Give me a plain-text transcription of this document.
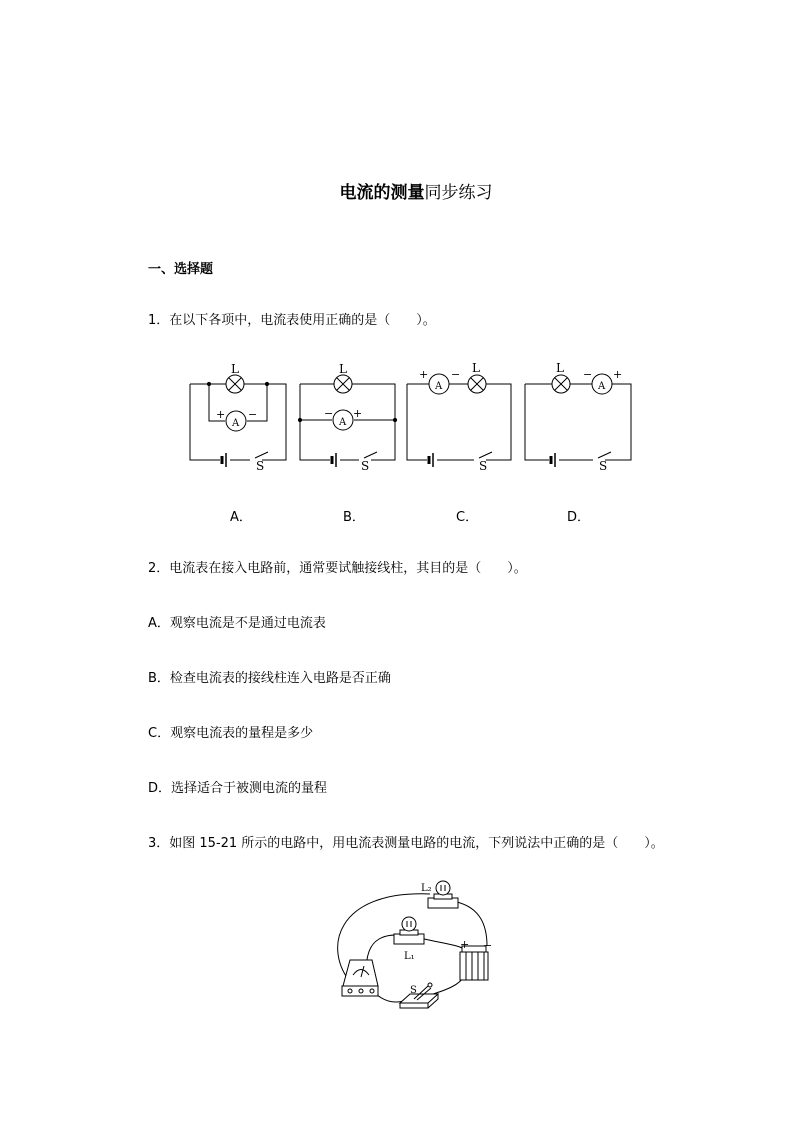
电流的测量同步练习
一、选择题
1．在以下各项中，电流表使用正确的是（　　）。
L
A
+ −
S
L
A
− +
S
A
+ − L
S
L
A
− +
S
A．	B．	C．	D．
2．电流表在接入电路前，通常要试触接线柱，其目的是（　　）。
A．观察电流是不是通过电流表
B．检查电流表的接线柱连入电路是否正确
C．观察电流表的量程是多少
D．选择适合于被测电流的量程
3．如图 15-21 所示的电路中，用电流表测量电路的电流，下列说法中正确的是（　　）。
L₂
L₁
S
+ −
